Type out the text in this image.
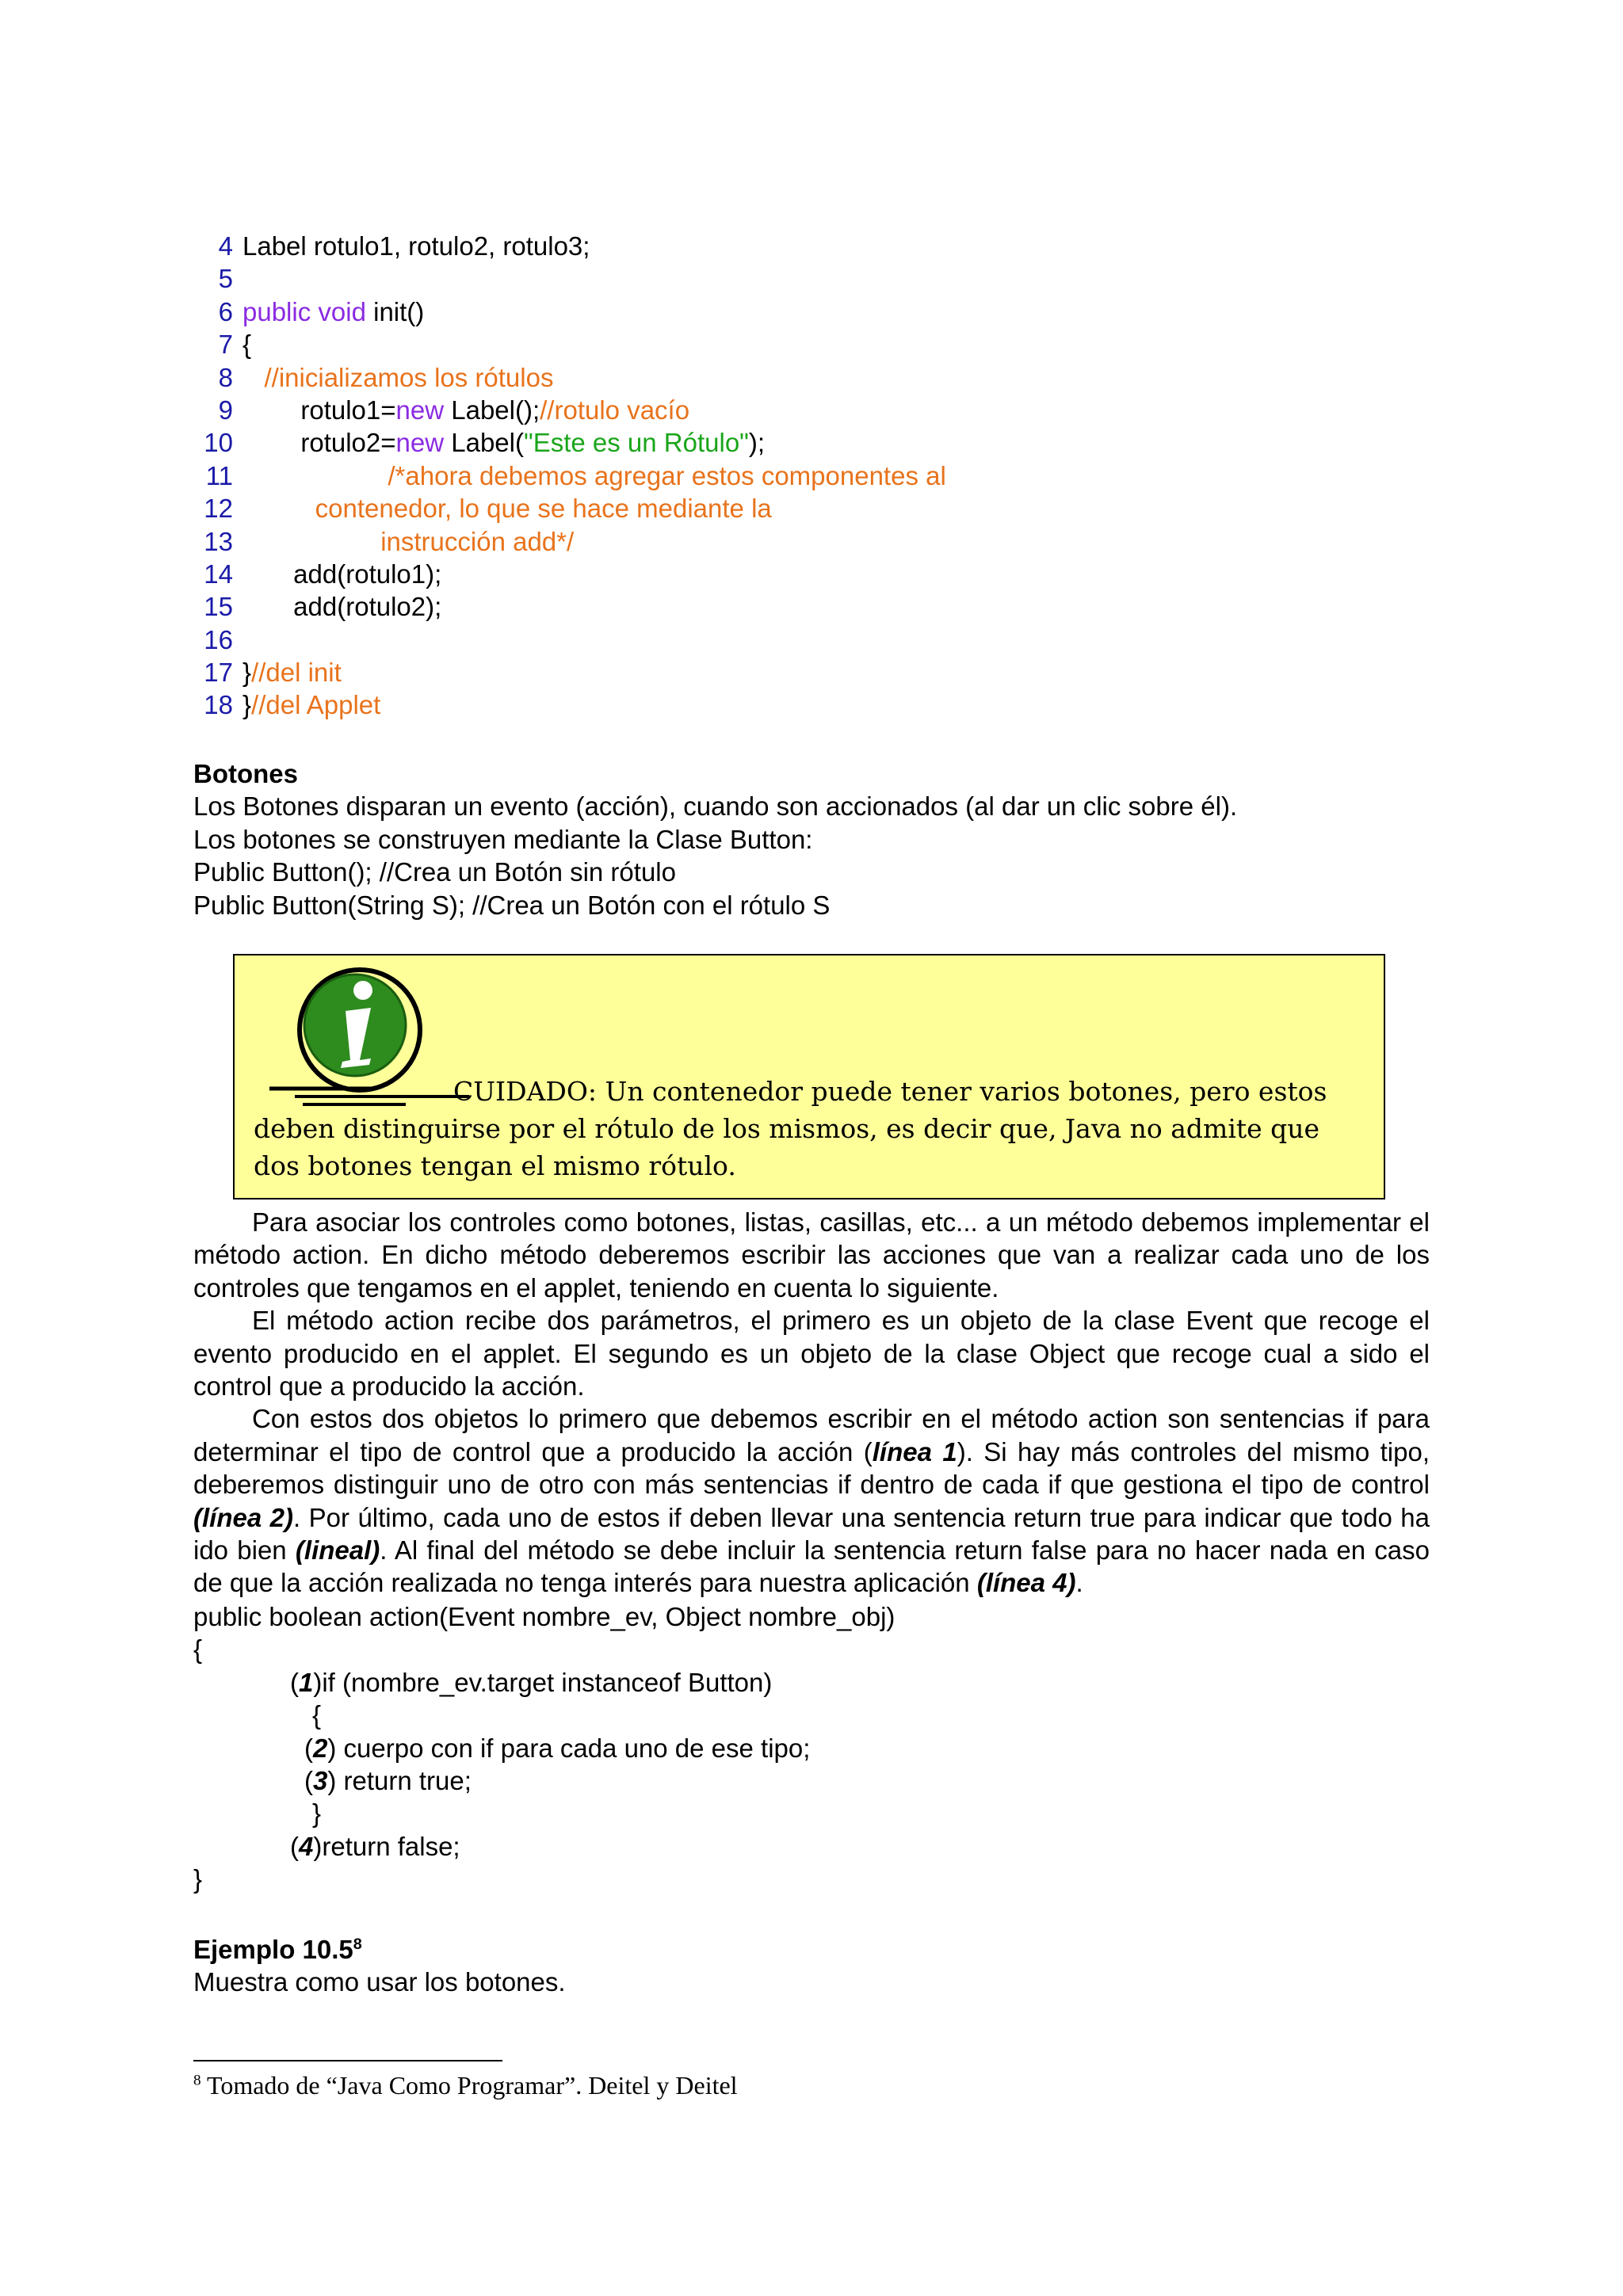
4 Label rotulo1, rotulo2, rotulo3;
5
6 public void init()
7 {
8   //inicializamos los rótulos
9        rotulo1=new Label();//rotulo vacío
10        rotulo2=new Label("Este es un Rótulo");
11                    /*ahora debemos agregar estos componentes al
12          contenedor, lo que se hace mediante la
13                   instrucción add*/
14       add(rotulo1);
15       add(rotulo2);
16
17 }//del init
18 }//del Applet
Botones
Los Botones disparan un evento (acción), cuando son accionados (al dar un clic sobre él).
Los botones se construyen mediante la Clase Button:
Public Button(); //Crea un Botón sin rótulo
Public Button(String S); //Crea un Botón con el rótulo S
CUIDADO: Un contenedor puede tener varios botones, pero estos deben distinguirse por el rótulo de los mismos, es decir que, Java no admite que dos botones tengan el mismo rótulo.
Para asociar los controles como botones, listas, casillas, etc... a un método debemos implementar el método action. En dicho método deberemos escribir las acciones que van a realizar cada uno de los controles que tengamos en el applet, teniendo en cuenta lo siguiente.
El método action recibe dos parámetros, el primero es un objeto de la clase Event que recoge el evento producido en el applet. El segundo es un objeto de la clase Object que recoge cual a sido el control que a producido la acción.
Con estos dos objetos lo primero que debemos escribir en el método action son sentencias if para determinar el tipo de control que a producido la acción (línea 1). Si hay más controles del mismo tipo, deberemos distinguir uno de otro con más sentencias if dentro de cada if que gestiona el tipo de control (línea 2). Por último, cada uno de estos if deben llevar una sentencia return true para indicar que todo ha ido bien (lineal). Al final del método se debe incluir la sentencia return false para no hacer nada en caso de que la acción realizada no tenga interés para nuestra aplicación (línea 4).
public boolean action(Event nombre_ev, Object nombre_obj)
{
(1)if (nombre_ev.target instanceof Button)
{
(2) cuerpo con if para cada uno de ese tipo;
(3) return true;
}
(4)return false;
}
Ejemplo 10.5$^8$
Muestra como usar los botones.
$^8$ Tomado de “Java Como Programar”. Deitel y Deitel
